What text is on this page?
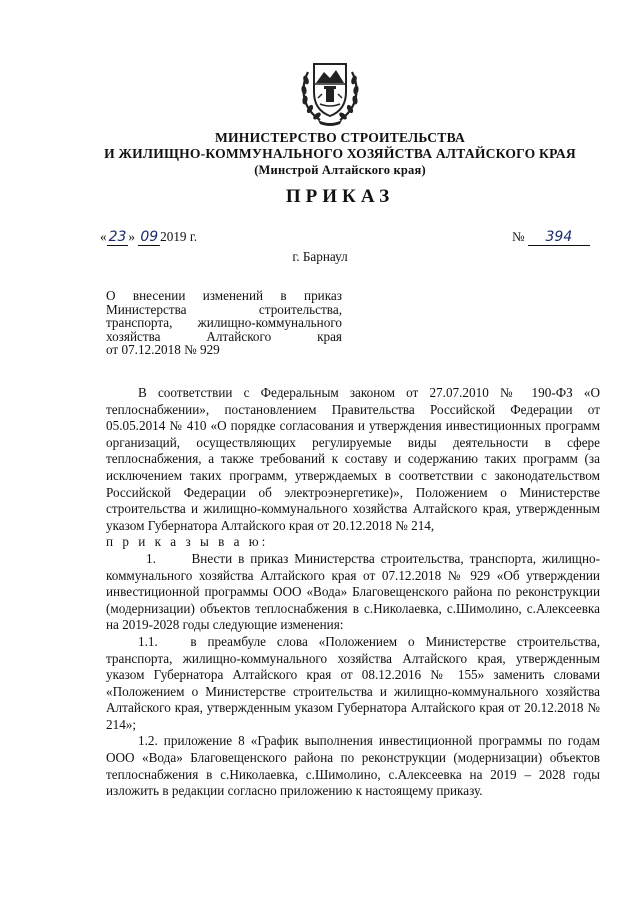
МИНИСТЕРСТВО СТРОИТЕЛЬСТВА
И ЖИЛИЩНО-КОММУНАЛЬНОГО ХОЗЯЙСТВА АЛТАЙСКОГО КРАЯ
(Минстрой Алтайского края)
ПРИКАЗ
« 23 » 09 2019 г.	№ 394
г. Барнаул
О внесении изменений в приказ
Министерства строительства,
транспорта, жилищно-коммунального
хозяйства Алтайского края
от 07.12.2018 № 929

В соответствии с Федеральным законом от 27.07.2010 № 190-ФЗ «О теплоснабжении», постановлением Правительства Российской Федерации от 05.05.2014 № 410 «О порядке согласования и утверждения инвестиционных программ организаций, осуществляющих регулируемые виды деятельности в сфере теплоснабжения, а также требований к составу и содержанию таких программ (за исключением таких программ, утверждаемых в соответствии с законодательством Российской Федерации об электроэнергетике)», Положением о Министерстве строительства и жилищно-коммунального хозяйства Алтайского края, утвержденным указом Губернатора Алтайского края от 20.12.2018 № 214,

п р и к а з ы в а ю:

1.      Внести в приказ Министерства строительства, транспорта, жилищно-коммунального хозяйства Алтайского края от 07.12.2018 № 929 «Об утверждении инвестиционной программы ООО «Вода» Благовещенского района по реконструкции (модернизации) объектов теплоснабжения в с.Николаевка, с.Шимолино, с.Алексеевка на 2019-2028 годы следующие изменения:

1.1.   в преамбуле слова «Положением о Министерстве строительства, транспорта, жилищно-коммунального хозяйства Алтайского края, утвержденным указом Губернатора Алтайского края от 08.12.2016 № 155» заменить словами «Положением о Министерстве строительства и жилищно-коммунального хозяйства Алтайского края, утвержденным указом Губернатора Алтайского края от 20.12.2018 № 214»;

1.2. приложение 8 «График выполнения инвестиционной программы по годам ООО «Вода» Благовещенского района по реконструкции (модернизации) объектов теплоснабжения в с.Николаевка, с.Шимолино, с.Алексеевка на 2019 – 2028 годы изложить в редакции согласно приложению к настоящему приказу.
